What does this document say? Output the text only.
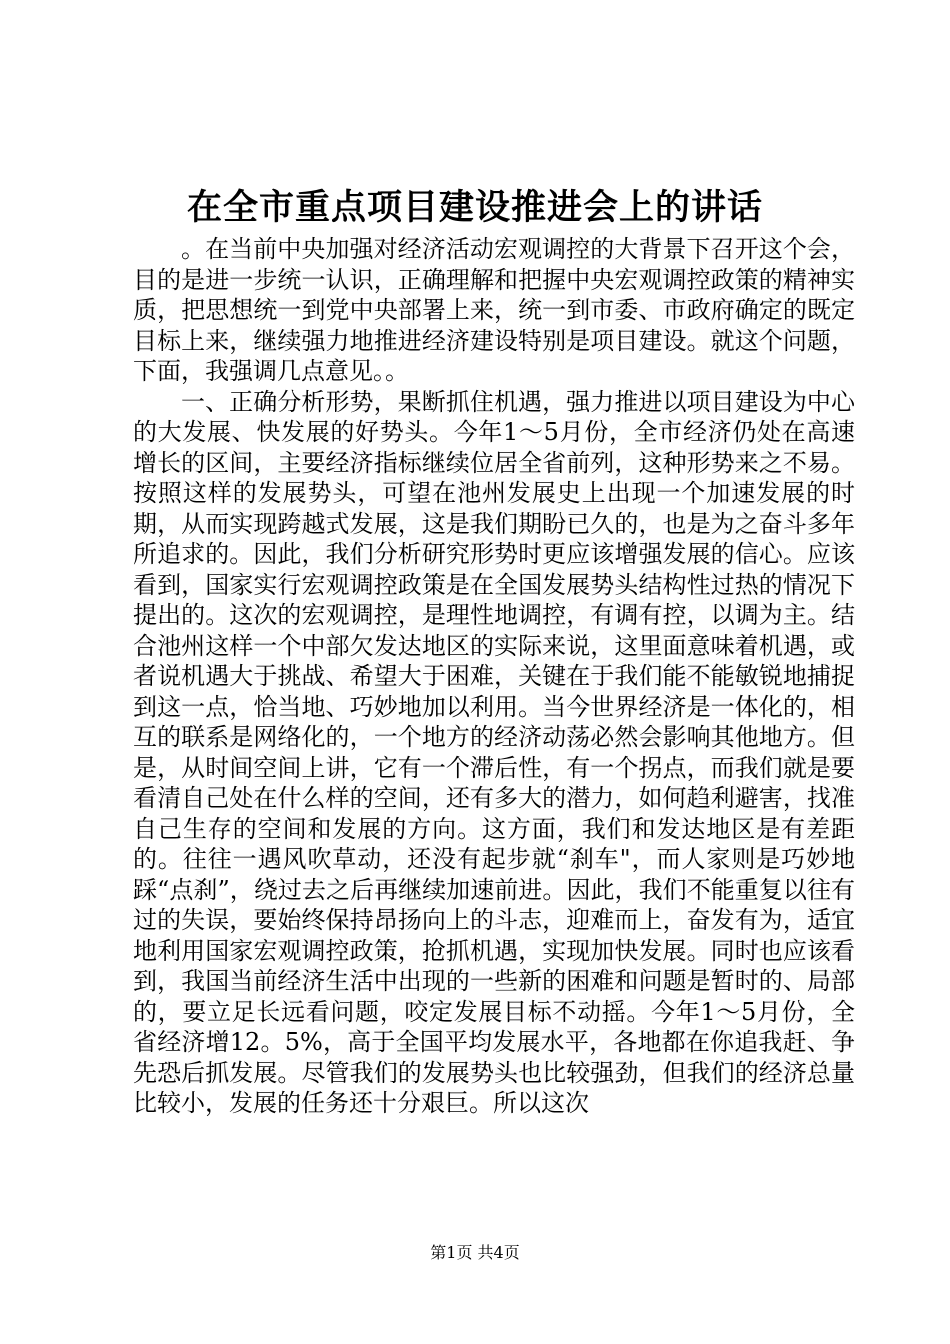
在全市重点项目建设推进会上的讲话

。在当前中央加强对经济活动宏观调控的大背景下召开这个会，目的是进一步统一认识，正确理解和把握中央宏观调控政策的精神实质，把思想统一到党中央部署上来，统一到市委、市政府确定的既定目标上来，继续强力地推进经济建设特别是项目建设。就这个问题，下面，我强调几点意见。。

一、正确分析形势，果断抓住机遇，强力推进以项目建设为中心的大发展、快发展的好势头。今年1～5月份，全市经济仍处在高速增长的区间，主要经济指标继续位居全省前列，这种形势来之不易。按照这样的发展势头，可望在池州发展史上出现一个加速发展的时期，从而实现跨越式发展，这是我们期盼已久的，也是为之奋斗多年所追求的。因此，我们分析研究形势时更应该增强发展的信心。应该看到，国家实行宏观调控政策是在全国发展势头结构性过热的情况下提出的。这次的宏观调控，是理性地调控，有调有控，以调为主。结合池州这样一个中部欠发达地区的实际来说，这里面意味着机遇，或者说机遇大于挑战、希望大于困难，关键在于我们能不能敏锐地捕捉到这一点，恰当地、巧妙地加以利用。当今世界经济是一体化的，相互的联系是网络化的，一个地方的经济动荡必然会影响其他地方。但是，从时间空间上讲，它有一个滞后性，有一个拐点，而我们就是要看清自己处在什么样的空间，还有多大的潜力，如何趋利避害，找准自己生存的空间和发展的方向。这方面，我们和发达地区是有差距的。往往一遇风吹草动，还没有起步就“刹车"，而人家则是巧妙地踩“点刹”，绕过去之后再继续加速前进。因此，我们不能重复以往有过的失误，要始终保持昂扬向上的斗志，迎难而上，奋发有为，适宜地利用国家宏观调控政策，抢抓机遇，实现加快发展。同时也应该看到，我国当前经济生活中出现的一些新的困难和问题是暂时的、局部的，要立足长远看问题，咬定发展目标不动摇。今年1～5月份，全省经济增12。5%，高于全国平均发展水平，各地都在你追我赶、争先恐后抓发展。尽管我们的发展势头也比较强劲，但我们的经济总量比较小，发展的任务还十分艰巨。所以这次

第1页 共4页
